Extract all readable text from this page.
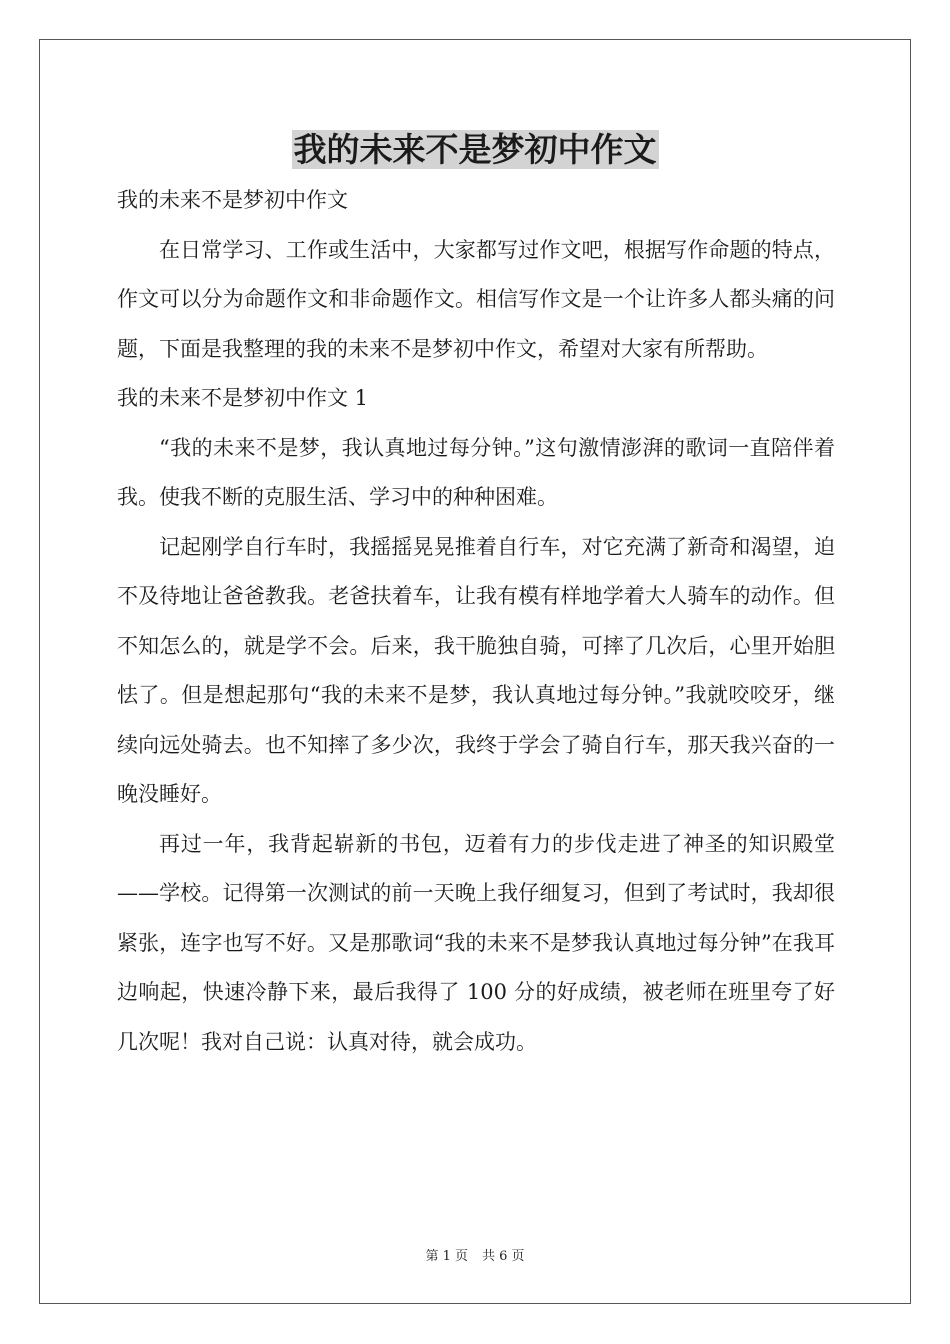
我的未来不是梦初中作文

我的未来不是梦初中作文

在日常学习、工作或生活中，大家都写过作文吧，根据写作命题的特点，作文可以分为命题作文和非命题作文。相信写作文是一个让许多人都头痛的问题，下面是我整理的我的未来不是梦初中作文，希望对大家有所帮助。

我的未来不是梦初中作文 1

“我的未来不是梦，我认真地过每分钟。”这句激情澎湃的歌词一直陪伴着我。使我不断的克服生活、学习中的种种困难。

记起刚学自行车时，我摇摇晃晃推着自行车，对它充满了新奇和渴望，迫不及待地让爸爸教我。老爸扶着车，让我有模有样地学着大人骑车的动作。但不知怎么的，就是学不会。后来，我干脆独自骑，可摔了几次后，心里开始胆怯了。但是想起那句“我的未来不是梦，我认真地过每分钟。”我就咬咬牙，继续向远处骑去。也不知摔了多少次，我终于学会了骑自行车，那天我兴奋的一晚没睡好。

再过一年，我背起崭新的书包，迈着有力的步伐走进了神圣的知识殿堂——学校。记得第一次测试的前一天晚上我仔细复习，但到了考试时，我却很紧张，连字也写不好。又是那歌词“我的未来不是梦我认真地过每分钟”在我耳边响起，快速冷静下来，最后我得了 100 分的好成绩，被老师在班里夸了好几次呢！我对自己说：认真对待，就会成功。

第 1 页 共 6 页
